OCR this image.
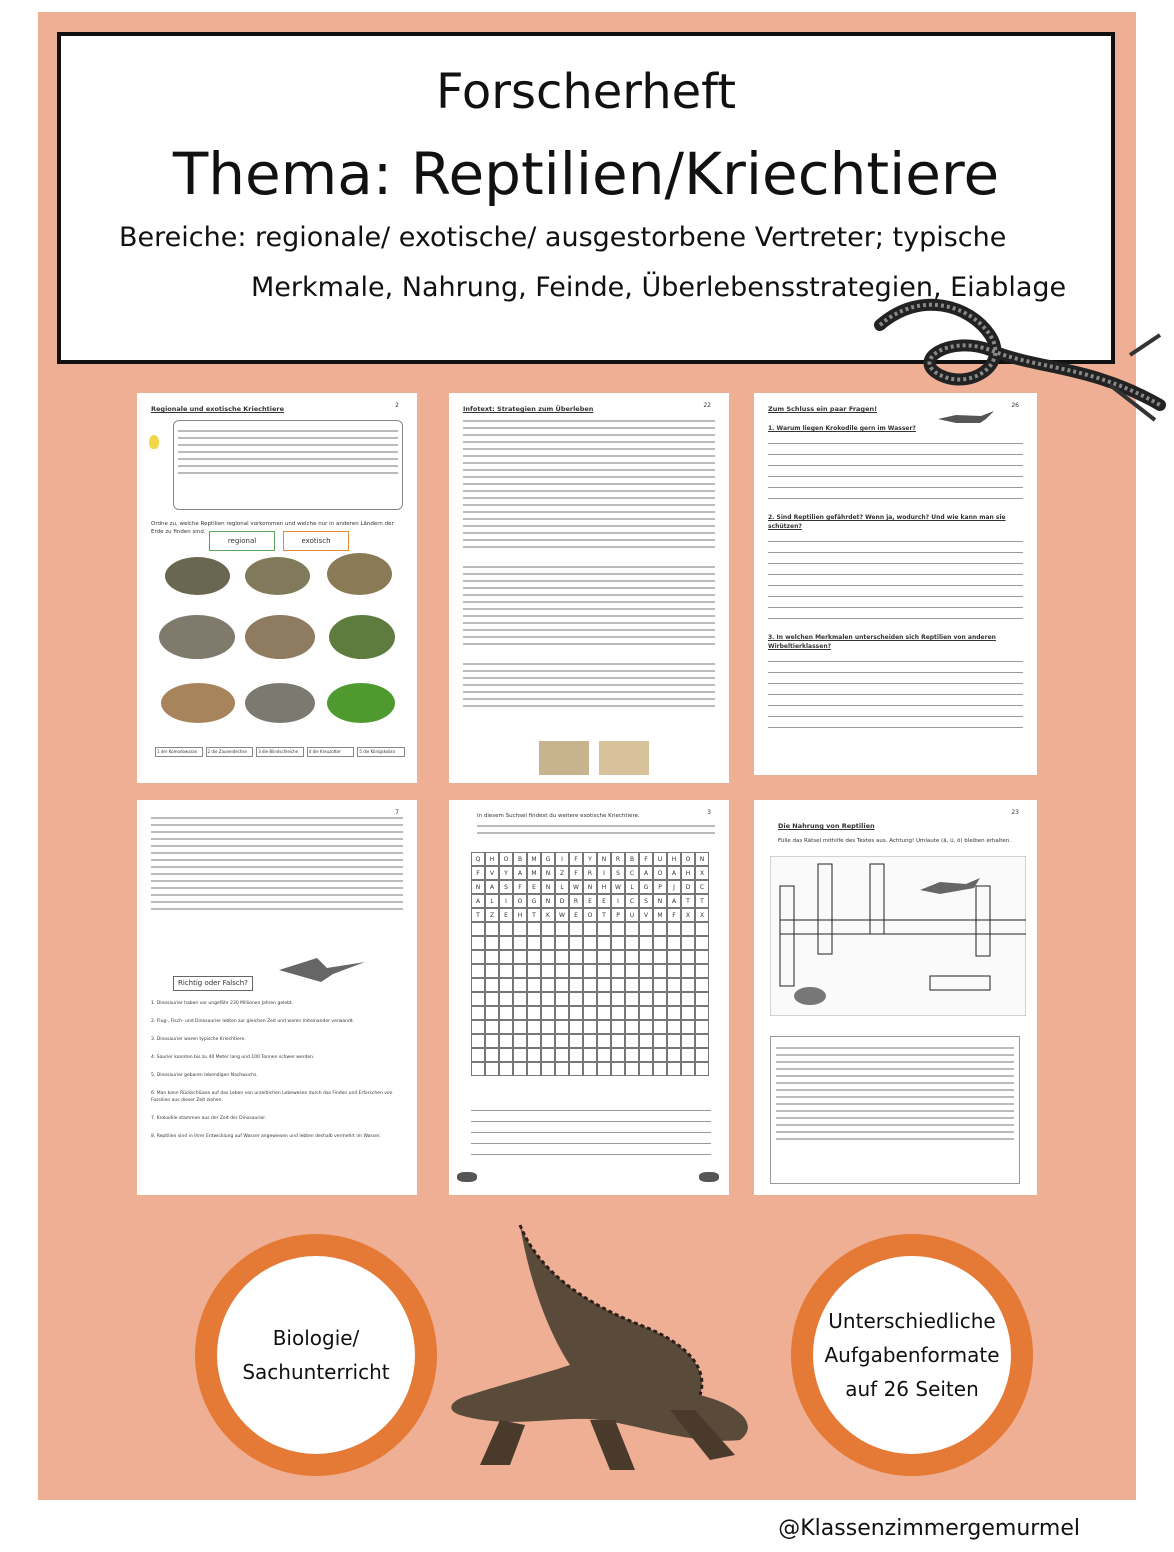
Forscherheft
Thema: Reptilien/Kriechtiere
Bereiche: regionale/ exotische/ ausgestorbene Vertreter; typische
Merkmale, Nahrung, Feinde, Überlebensstrategien, Eiablage
2
Regionale und exotische Kriechtiere
Ordne zu, welche Reptilien regional vorkommen und welche nur in anderen Ländern der Erde zu finden sind.
regional	exotisch
1 der Komodowaran	2 die Zauneidechse	3 die Blindschleiche	4 die Kreuzotter	5 die Königskobra
22
Infotext: Strategien zum Überleben	26
Zum Schluss ein paar Fragen!
1. Warum liegen Krokodile gern im Wasser?
2. Sind Reptilien gefährdet? Wenn ja, wodurch? Und wie kann man sie schützen?
3. In welchen Merkmalen unterscheiden sich Reptilien von anderen Wirbeltierklassen?
7
Richtig oder Falsch?
1. Dinosaurier haben vor ungefähr 230 Millionen Jahren gelebt.
2. Flug-, Fisch- und Dinosaurier lebten zur gleichen Zeit und waren miteinander verwandt.
3. Dinosaurier waren typische Kriechtiere.
4. Saurier konnten bis zu 40 Meter lang und 100 Tonnen schwer werden.
5. Dinosaurier gebaren lebendigen Nachwuchs.
6. Man kann Rückschlüsse auf das Leben von urzeitlichen Lebewesen durch das Finden und Erforschen von Fossilien aus dieser Zeit ziehen.
7. Krokodile stammen aus der Zeit der Dinosaurier.
8. Reptilien sind in ihrer Entwicklung auf Wasser angewiesen und lebten deshalb vermehrt im Wasser.
3
In diesem Suchsel findest du weitere exotische Kriechtiere.
Q	H	O	B	M	G	I	F	Y	N	R	B	F	U	H	O	N
F	V	Y	A	M	N	Z	F	R	I	S	C	A	O	A	H	X
N	A	S	F	E	N	L	W	N	H	W	L	G	P	J	D	C
A	L	I	O	G	N	D	R	E	E	I	C	S	N	A	T	T
T	Z	E	H	T	K	W	E	O	T	P	U	V	M	F	X	X
23
Die Nahrung von Reptilien
Fülle das Rätsel mithilfe des Textes aus. Achtung! Umlaute (ä, ü, ö) bleiben erhalten.
Biologie/
Sachunterricht
Unterschiedliche
Aufgabenformate
auf 26 Seiten
@Klassenzimmergemurmel
